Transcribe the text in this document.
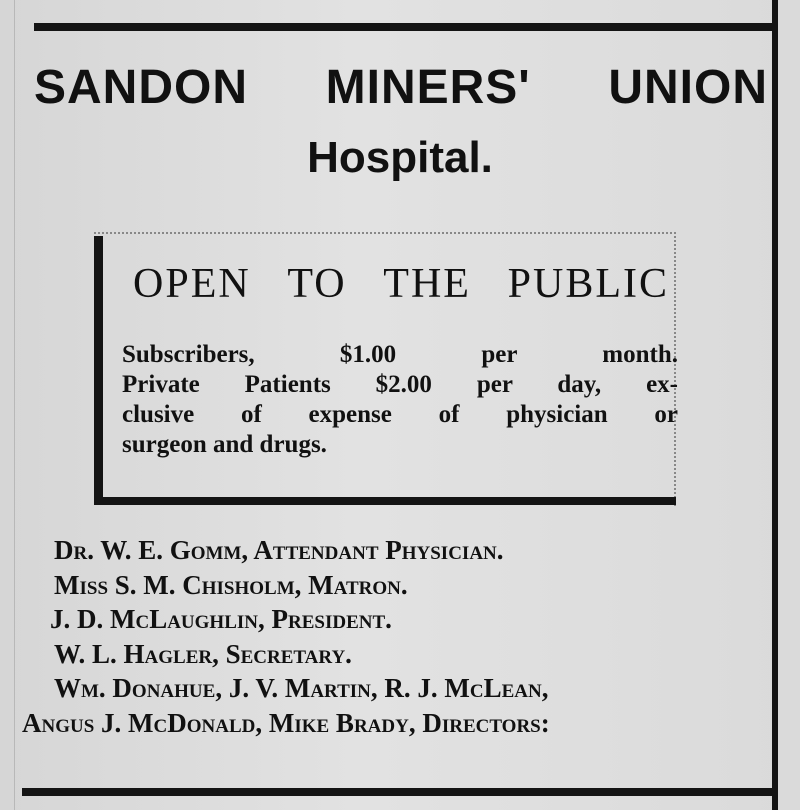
SANDON MINERS' UNION
Hospital.
OPEN TO THE PUBLIC
Subscribers, $1.00 per month.
Private Patients $2.00 per day, ex-
clusive of expense of physician or
surgeon and drugs.
Dr. W. E. Gomm, Attendant Physician.
Miss S. M. Chisholm, Matron.
J. D. McLaughlin, President.
W. L. Hagler, Secretary.
Wm. Donahue, J. V. Martin, R. J. McLean,
Angus J. McDonald, Mike Brady, Directors:
